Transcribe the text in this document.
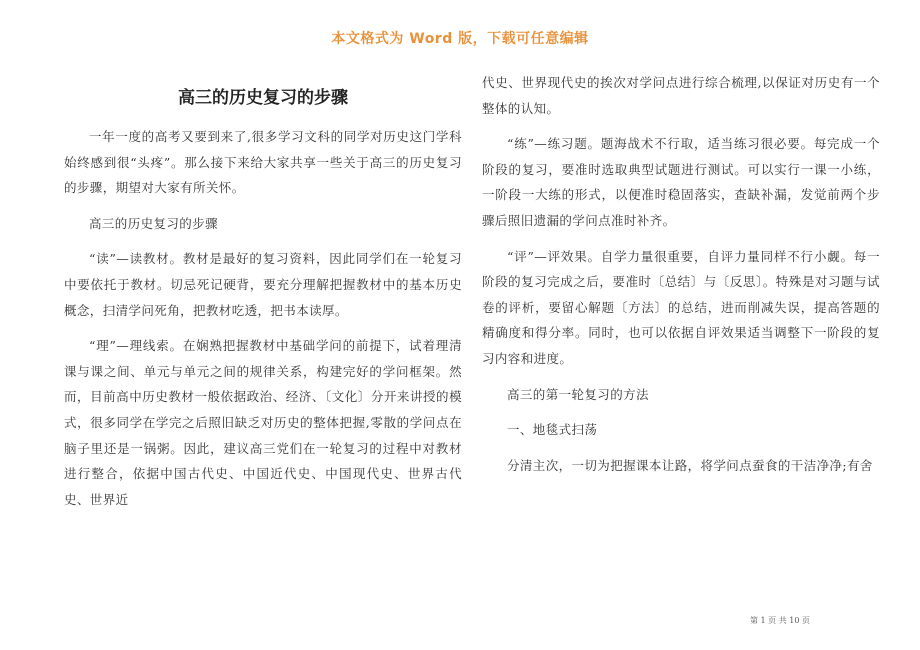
本文格式为 Word 版，下载可任意编辑
高三的历史复习的步骤

一年一度的高考又要到来了,很多学习文科的同学对历史这门学科始终感到很“头疼”。那么接下来给大家共享一些关于高三的历史复习的步骤，期望对大家有所关怀。

高三的历史复习的步骤

“读”—读教材。教材是最好的复习资料，因此同学们在一轮复习中要依托于教材。切忌死记硬背，要充分理解把握教材中的基本历史概念，扫清学问死角，把教材吃透，把书本读厚。

“理”—理线索。在娴熟把握教材中基础学问的前提下，试着理清课与课之间、单元与单元之间的规律关系，构建完好的学问框架。然而，目前高中历史教材一般依据政治、经济、〔文化〕分开来讲授的模式，很多同学在学完之后照旧缺乏对历史的整体把握,零散的学问点在脑子里还是一锅粥。因此，建议高三党们在一轮复习的过程中对教材进行整合，依据中国古代史、中国近代史、中国现代史、世界古代史、世界近

代史、世界现代史的挨次对学问点进行综合梳理,以保证对历史有一个整体的认知。

“练”—练习题。题海战术不行取，适当练习很必要。每完成一个阶段的复习，要准时选取典型试题进行测试。可以实行一课一小练，一阶段一大练的形式，以便准时稳固落实，查缺补漏，发觉前两个步骤后照旧遗漏的学问点准时补齐。

“评”—评效果。自学力量很重要，自评力量同样不行小觑。每一阶段的复习完成之后，要准时〔总结〕与〔反思〕。特殊是对习题与试卷的评析，要留心解题〔方法〕的总结，进而削减失误，提高答题的精确度和得分率。同时，也可以依据自评效果适当调整下一阶段的复习内容和进度。

高三的第一轮复习的方法

一、地毯式扫荡

分清主次，一切为把握课本让路，将学问点蚕食的干洁净净;有舍

第 1 页 共 10 页
